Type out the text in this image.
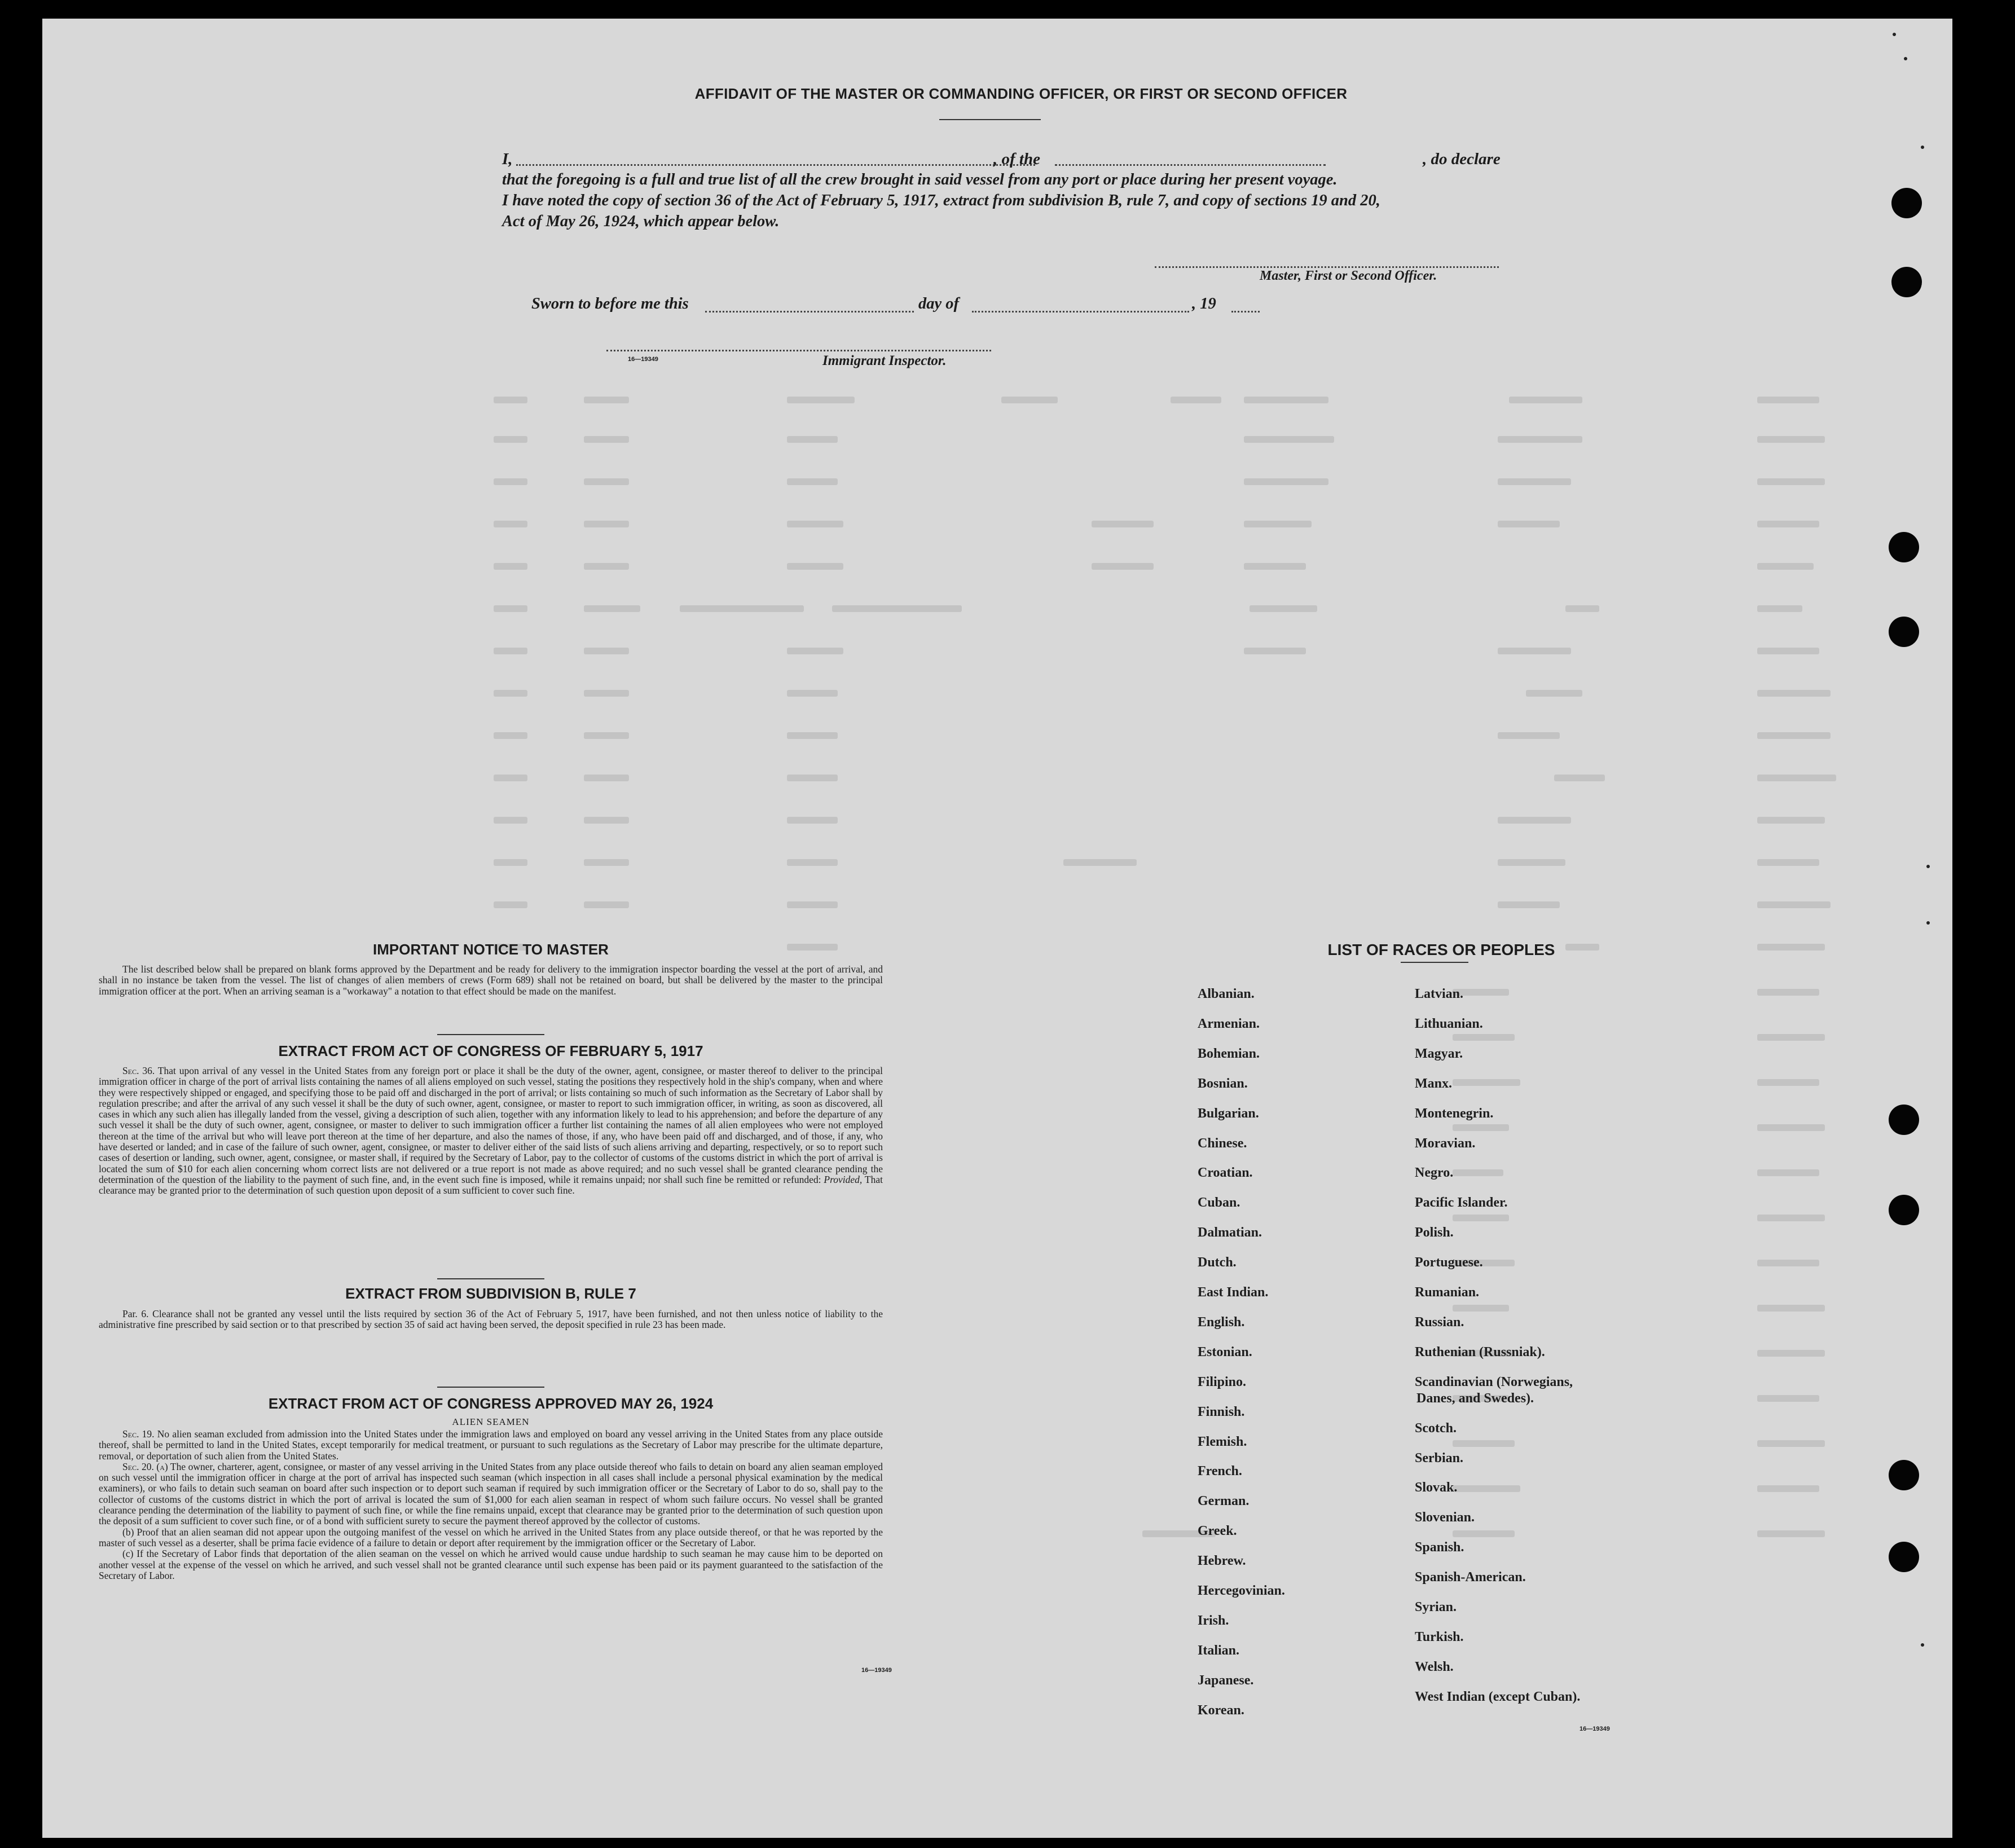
AFFIDAVIT OF THE MASTER OR COMMANDING OFFICER, OR FIRST OR SECOND OFFICER
I,	, of the	, do declare
that the foregoing is a full and true list of all the crew brought in said vessel from any port or place during her present voyage.
I have noted the copy of section 36 of the Act of February 5, 1917, extract from subdivision B, rule 7, and copy of sections 19 and 20,
Act of May 26, 1924, which appear below.
Master, First or Second Officer.
Sworn to before me this	day of	, 19
16—19349	Immigrant Inspector.
IMPORTANT NOTICE TO MASTER
The list described below shall be prepared on blank forms approved by the Department and be ready for delivery to the immigration inspector boarding the vessel at the port of arrival, and shall in no instance be taken from the vessel. The list of changes of alien members of crews (Form 689) shall not be retained on board, but shall be delivered by the master to the principal immigration officer at the port. When an arriving seaman is a "workaway" a notation to that effect should be made on the manifest.
EXTRACT FROM ACT OF CONGRESS OF FEBRUARY 5, 1917
Sec. 36. That upon arrival of any vessel in the United States from any foreign port or place it shall be the duty of the owner, agent, consignee, or master thereof to deliver to the principal immigration officer in charge of the port of arrival lists containing the names of all aliens employed on such vessel, stating the positions they respectively hold in the ship's company, when and where they were respectively shipped or engaged, and specifying those to be paid off and discharged in the port of arrival; or lists containing so much of such information as the Secretary of Labor shall by regulation prescribe; and after the arrival of any such vessel it shall be the duty of such owner, agent, consignee, or master to report to such immigration officer, in writing, as soon as discovered, all cases in which any such alien has illegally landed from the vessel, giving a description of such alien, together with any information likely to lead to his apprehension; and before the departure of any such vessel it shall be the duty of such owner, agent, consignee, or master to deliver to such immigration officer a further list containing the names of all alien employees who were not employed thereon at the time of the arrival but who will leave port thereon at the time of her departure, and also the names of those, if any, who have been paid off and discharged, and of those, if any, who have deserted or landed; and in case of the failure of such owner, agent, consignee, or master to deliver either of the said lists of such aliens arriving and departing, respectively, or so to report such cases of desertion or landing, such owner, agent, consignee, or master shall, if required by the Secretary of Labor, pay to the collector of customs of the customs district in which the port of arrival is located the sum of $10 for each alien concerning whom correct lists are not delivered or a true report is not made as above required; and no such vessel shall be granted clearance pending the determination of the question of the liability to the payment of such fine, and, in the event such fine is imposed, while it remains unpaid; nor shall such fine be remitted or refunded: Provided, That clearance may be granted prior to the determination of such question upon deposit of a sum sufficient to cover such fine.
EXTRACT FROM SUBDIVISION B, RULE 7
Par. 6. Clearance shall not be granted any vessel until the lists required by section 36 of the Act of February 5, 1917, have been furnished, and not then unless notice of liability to the administrative fine prescribed by said section or to that prescribed by section 35 of said act having been served, the deposit specified in rule 23 has been made.
EXTRACT FROM ACT OF CONGRESS APPROVED MAY 26, 1924
ALIEN SEAMEN
Sec. 19. No alien seaman excluded from admission into the United States under the immigration laws and employed on board any vessel arriving in the United States from any place outside thereof, shall be permitted to land in the United States, except temporarily for medical treatment, or pursuant to such regulations as the Secretary of Labor may prescribe for the ultimate departure, removal, or deportation of such alien from the United States.
Sec. 20. (a) The owner, charterer, agent, consignee, or master of any vessel arriving in the United States from any place outside thereof who fails to detain on board any alien seaman employed on such vessel until the immigration officer in charge at the port of arrival has inspected such seaman (which inspection in all cases shall include a personal physical examination by the medical examiners), or who fails to detain such seaman on board after such inspection or to deport such seaman if required by such immigration officer or the Secretary of Labor to do so, shall pay to the collector of customs of the customs district in which the port of arrival is located the sum of $1,000 for each alien seaman in respect of whom such failure occurs. No vessel shall be granted clearance pending the determination of the liability to payment of such fine, or while the fine remains unpaid, except that clearance may be granted prior to the determination of such question upon the deposit of a sum sufficient to cover such fine, or of a bond with sufficient surety to secure the payment thereof approved by the collector of customs.
(b) Proof that an alien seaman did not appear upon the outgoing manifest of the vessel on which he arrived in the United States from any place outside thereof, or that he was reported by the master of such vessel as a deserter, shall be prima facie evidence of a failure to detain or deport after requirement by the immigration officer or the Secretary of Labor.
(c) If the Secretary of Labor finds that deportation of the alien seaman on the vessel on which he arrived would cause undue hardship to such seaman he may cause him to be deported on another vessel at the expense of the vessel on which he arrived, and such vessel shall not be granted clearance until such expense has been paid or its payment guaranteed to the satisfaction of the Secretary of Labor.
16—19349
LIST OF RACES OR PEOPLES
16—19349
Albanian.
Armenian.
Bohemian.
Bosnian.
Bulgarian.
Chinese.
Croatian.
Cuban.
Dalmatian.
Dutch.
East Indian.
English.
Estonian.
Filipino.
Finnish.
Flemish.
French.
German.
Greek.
Hebrew.
Hercegovinian.
Irish.
Italian.
Japanese.
Korean.
Latvian.
Lithuanian.
Magyar.
Manx.
Montenegrin.
Moravian.
Negro.
Pacific Islander.
Polish.
Portuguese.
Rumanian.
Russian.
Ruthenian (Russniak).
Scandinavian (Norwegians,
Danes, and Swedes).
Scotch.
Serbian.
Slovak.
Slovenian.
Spanish.
Spanish-American.
Syrian.
Turkish.
Welsh.
West Indian (except Cuban).
